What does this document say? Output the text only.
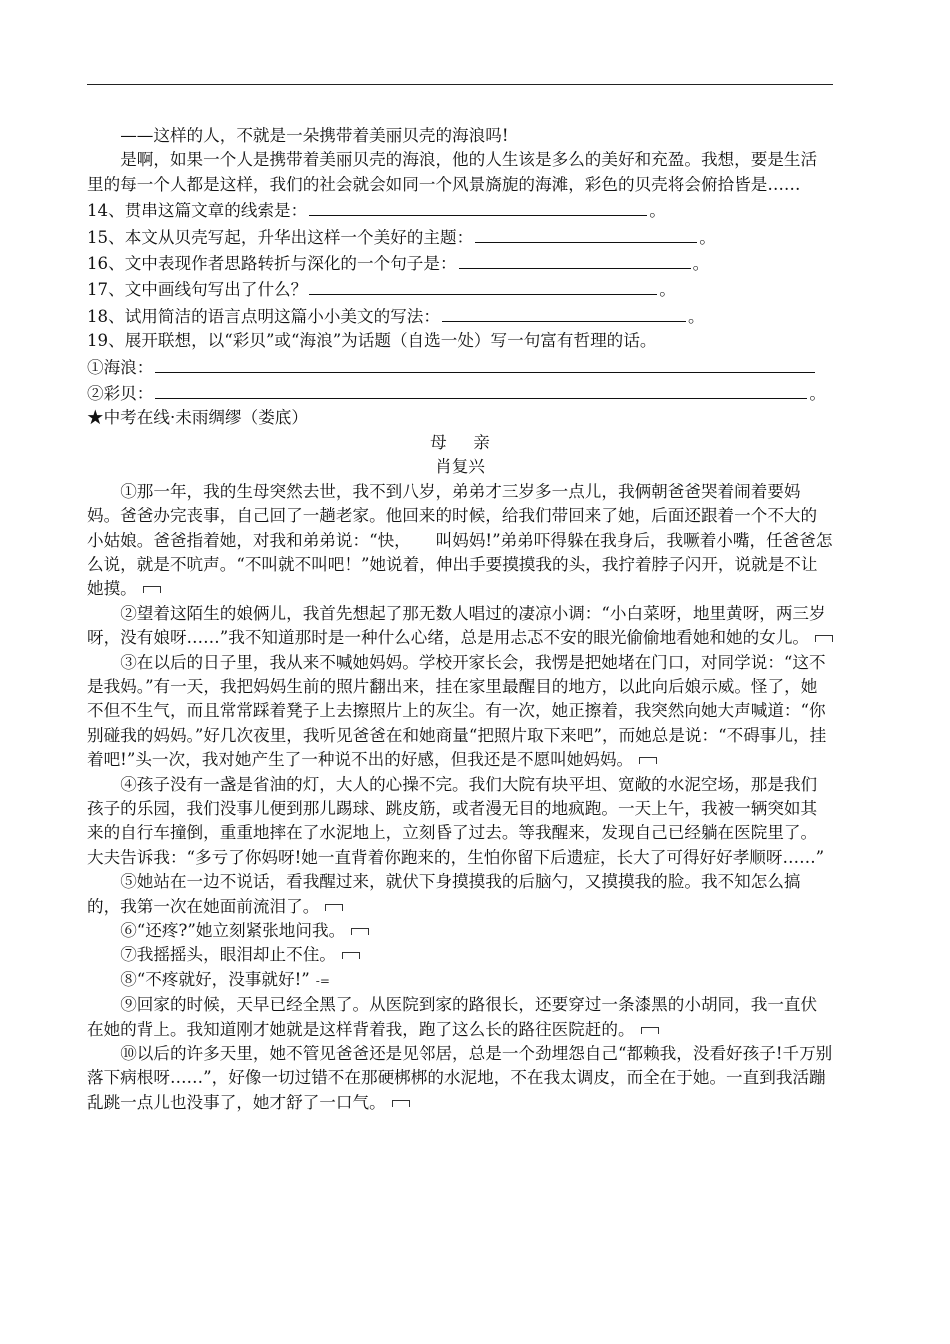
——这样的人，不就是一朵携带着美丽贝壳的海浪吗!

是啊，如果一个人是携带着美丽贝壳的海浪，他的人生该是多么的美好和充盈。我想，要是生活里的每一个人都是这样，我们的社会就会如同一个风景旖旎的海滩，彩色的贝壳将会俯拾皆是……

14、贯串这篇文章的线索是：	。

15、本文从贝壳写起，升华出这样一个美好的主题：	。

16、文中表现作者思路转折与深化的一个句子是：	。

17、文中画线句写出了什么？	。

18、试用简洁的语言点明这篇小小美文的写法：	。

19、展开联想，以“彩贝”或“海浪”为话题（自选一处）写一句富有哲理的话。

①海浪：

②彩贝：	。

★中考在线·未雨绸缪（娄底）

母亲

肖复兴

①那一年，我的生母突然去世，我不到八岁，弟弟才三岁多一点儿，我俩朝爸爸哭着闹着要妈妈。爸爸办完丧事，自己回了一趟老家。他回来的时候，给我们带回来了她，后面还跟着一个不大的小姑娘。爸爸指着她，对我和弟弟说：“快，　　叫妈妈!”弟弟吓得躲在我身后，我噘着小嘴，任爸爸怎么说，就是不吭声。“不叫就不叫吧！”她说着，伸出手要摸摸我的头，我拧着脖子闪开，说就是不让她摸。

②望着这陌生的娘俩儿，我首先想起了那无数人唱过的凄凉小调：“小白菜呀，地里黄呀，两三岁呀，没有娘呀……”我不知道那时是一种什么心绪，总是用忐忑不安的眼光偷偷地看她和她的女儿。

③在以后的日子里，我从来不喊她妈妈。学校开家长会，我愣是把她堵在门口，对同学说：“这不是我妈。”有一天，我把妈妈生前的照片翻出来，挂在家里最醒目的地方，以此向后娘示威。怪了，她不但不生气，而且常常踩着凳子上去擦照片上的灰尘。有一次，她正擦着，我突然向她大声喊道：“你别碰我的妈妈。”好几次夜里，我听见爸爸在和她商量“把照片取下来吧”，而她总是说：“不碍事儿，挂着吧!”头一次，我对她产生了一种说不出的好感，但我还是不愿叫她妈妈。

④孩子没有一盏是省油的灯，大人的心操不完。我们大院有块平坦、宽敞的水泥空场，那是我们孩子的乐园，我们没事儿便到那儿踢球、跳皮筋，或者漫无目的地疯跑。一天上午，我被一辆突如其来的自行车撞倒，重重地摔在了水泥地上，立刻昏了过去。等我醒来，发现自己已经躺在医院里了。大夫告诉我：“多亏了你妈呀!她一直背着你跑来的，生怕你留下后遗症，长大了可得好好孝顺呀……”

⑤她站在一边不说话，看我醒过来，就伏下身摸摸我的后脑勺，又摸摸我的脸。我不知怎么搞的，我第一次在她面前流泪了。

⑥“还疼?”她立刻紧张地问我。

⑦我摇摇头，眼泪却止不住。

⑧“不疼就好，没事就好!” -=

⑨回家的时候，天早已经全黑了。从医院到家的路很长，还要穿过一条漆黑的小胡同，我一直伏在她的背上。我知道刚才她就是这样背着我，跑了这么长的路往医院赶的。

⑩以后的许多天里，她不管见爸爸还是见邻居，总是一个劲埋怨自己“都赖我，没看好孩子!千万别落下病根呀……”，好像一切过错不在那硬梆梆的水泥地，不在我太调皮，而全在于她。一直到我活蹦乱跳一点儿也没事了，她才舒了一口气。
